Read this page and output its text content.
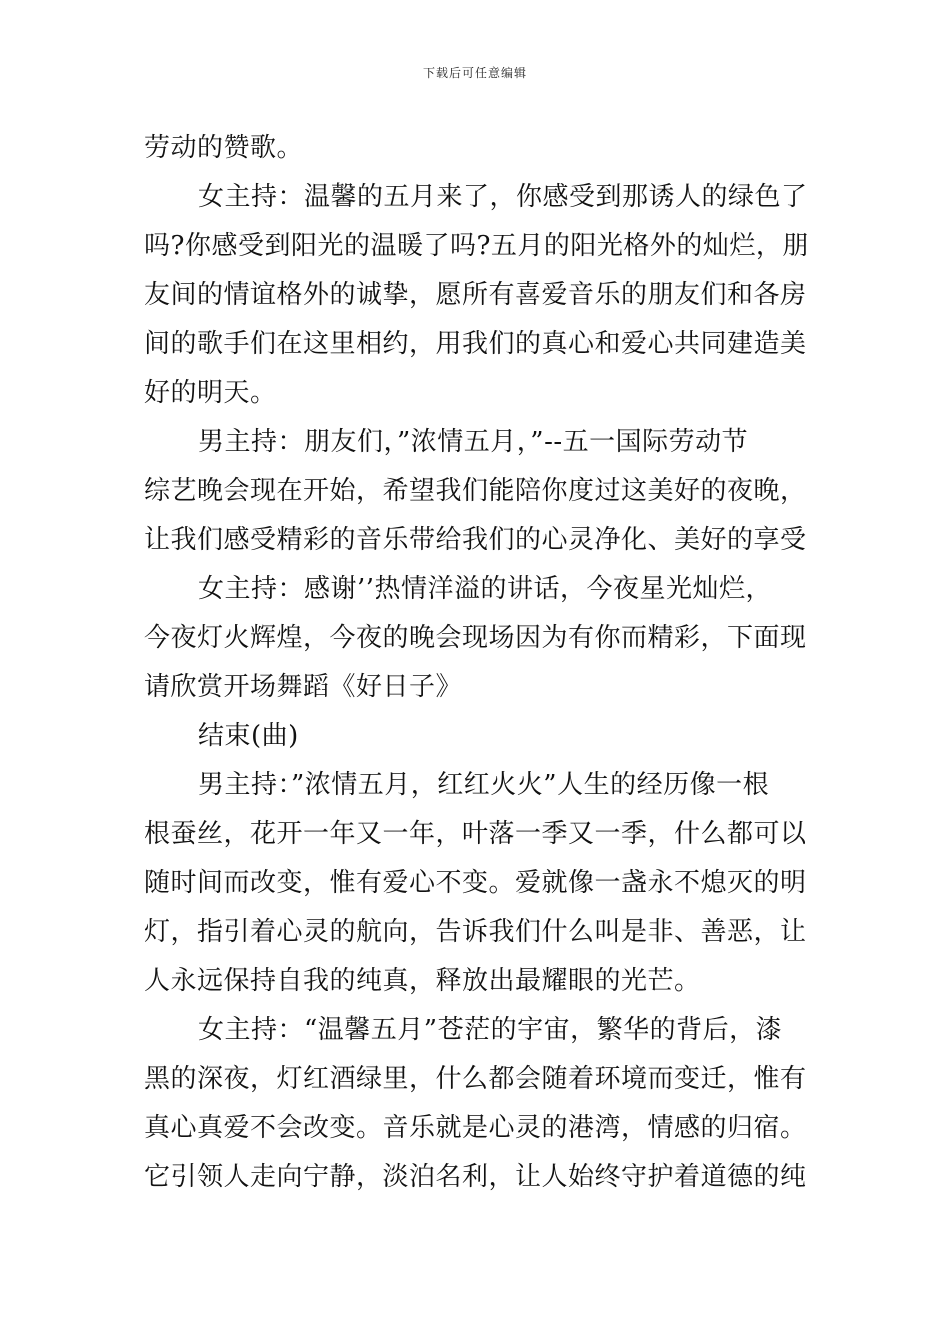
下载后可任意编辑
劳动的赞歌。
女主持：温馨的五月来了，你感受到那诱人的绿色了
吗?你感受到阳光的温暖了吗?五月的阳光格外的灿烂，朋
友间的情谊格外的诚挚，愿所有喜爱音乐的朋友们和各房
间的歌手们在这里相约，用我们的真心和爱心共同建造美
好的明天。
男主持：朋友们，”浓情五月，”--五一国际劳动节
综艺晚会现在开始，希望我们能陪你度过这美好的夜晚，
让我们感受精彩的音乐带给我们的心灵净化、美好的享受
女主持：感谢’’热情洋溢的讲话，今夜星光灿烂，
今夜灯火辉煌，今夜的晚会现场因为有你而精彩，下面现
请欣赏开场舞蹈《好日子》
结束(曲)
男主持：”浓情五月，红红火火”人生的经历像一根
根蚕丝，花开一年又一年，叶落一季又一季，什么都可以
随时间而改变，惟有爱心不变。爱就像一盏永不熄灭的明
灯，指引着心灵的航向，告诉我们什么叫是非、善恶，让
人永远保持自我的纯真，释放出最耀眼的光芒。
女主持：“温馨五月”苍茫的宇宙，繁华的背后，漆
黑的深夜，灯红酒绿里，什么都会随着环境而变迁，惟有
真心真爱不会改变。音乐就是心灵的港湾，情感的归宿。
它引领人走向宁静，淡泊名利，让人始终守护着道德的纯
